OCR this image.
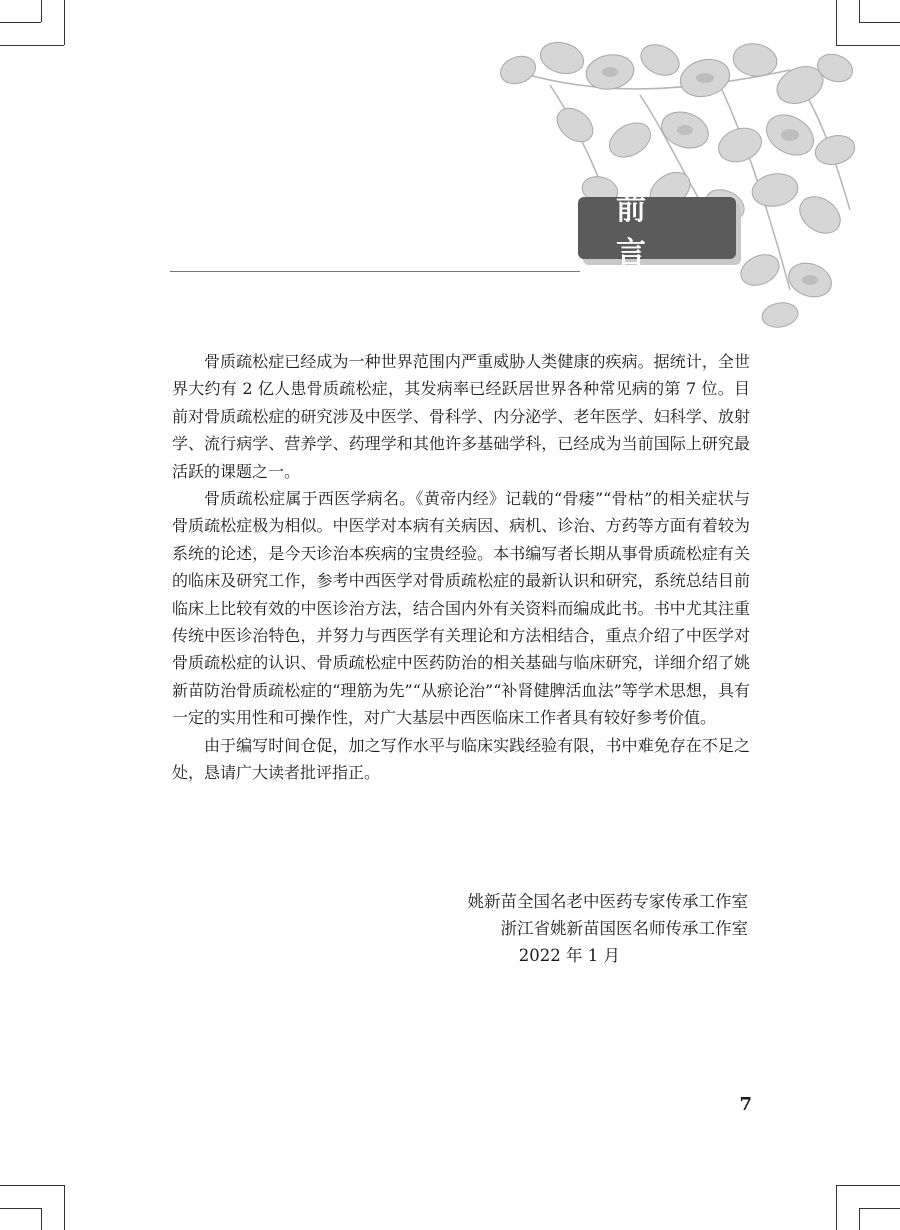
前言

骨质疏松症已经成为一种世界范围内严重威胁人类健康的疾病。据统计，全世界大约有 2 亿人患骨质疏松症，其发病率已经跃居世界各种常见病的第 7 位。目前对骨质疏松症的研究涉及中医学、骨科学、内分泌学、老年医学、妇科学、放射学、流行病学、营养学、药理学和其他许多基础学科，已经成为当前国际上研究最活跃的课题之一。

骨质疏松症属于西医学病名。《黄帝内经》记载的“骨痿”“骨枯”的相关症状与骨质疏松症极为相似。中医学对本病有关病因、病机、诊治、方药等方面有着较为系统的论述，是今天诊治本疾病的宝贵经验。本书编写者长期从事骨质疏松症有关的临床及研究工作，参考中西医学对骨质疏松症的最新认识和研究，系统总结目前临床上比较有效的中医诊治方法，结合国内外有关资料而编成此书。书中尤其注重传统中医诊治特色，并努力与西医学有关理论和方法相结合，重点介绍了中医学对骨质疏松症的认识、骨质疏松症中医药防治的相关基础与临床研究，详细介绍了姚新苗防治骨质疏松症的“理筋为先”“从瘀论治”“补肾健脾活血法”等学术思想，具有一定的实用性和可操作性，对广大基层中西医临床工作者具有较好参考价值。

由于编写时间仓促，加之写作水平与临床实践经验有限，书中难免存在不足之处，恳请广大读者批评指正。

姚新苗全国名老中医药专家传承工作室
浙江省姚新苗国医名师传承工作室
2022 年 1 月
7
